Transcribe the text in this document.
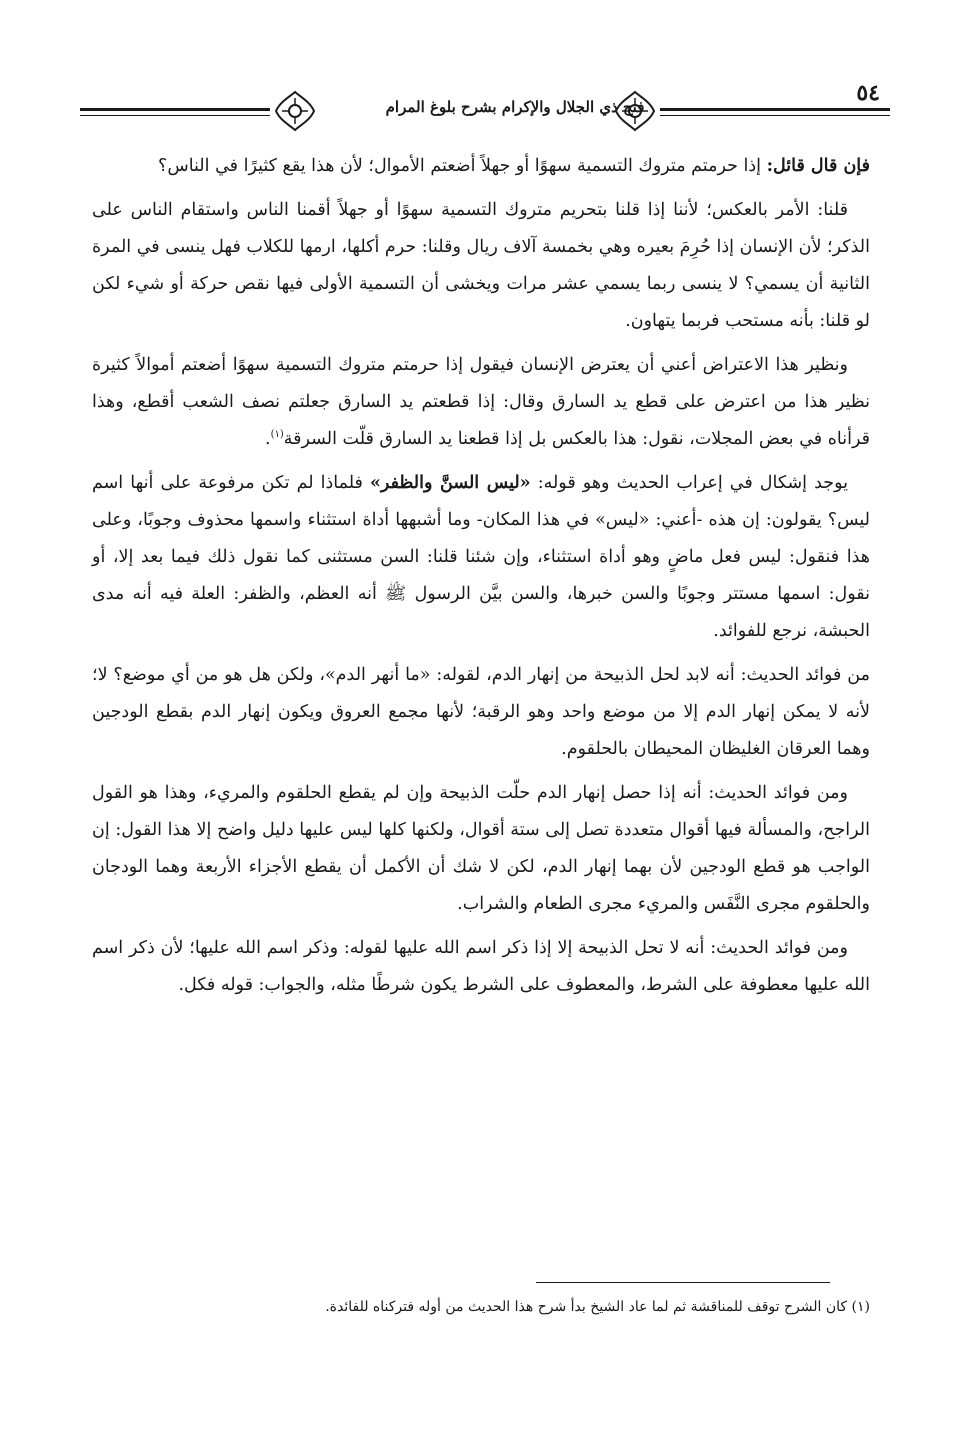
فتح ذي الجلال والإكرام بشرح بلوغ المرام
٥٤

فإن قال قائل: إذا حرمتم متروك التسمية سهوًا أو جهلاً أضعتم الأموال؛ لأن هذا يقع كثيرًا في الناس؟

قلنا: الأمر بالعكس؛ لأننا إذا قلنا بتحريم متروك التسمية سهوًا أو جهلاً أقمنا الناس واستقام الناس على الذكر؛ لأن الإنسان إذا حُرِمَ بعيره وهي بخمسة آلاف ريال وقلنا: حرم أكلها، ارمها للكلاب فهل ينسى في المرة الثانية أن يسمي؟ لا ينسى ربما يسمي عشر مرات ويخشى أن التسمية الأولى فيها نقص حركة أو شيء لكن لو قلنا: بأنه مستحب فربما يتهاون.

ونظير هذا الاعتراض أعني أن يعترض الإنسان فيقول إذا حرمتم متروك التسمية سهوًا أضعتم أموالاً كثيرة نظير هذا من اعترض على قطع يد السارق وقال: إذا قطعتم يد السارق جعلتم نصف الشعب أقطع، وهذا قرأناه في بعض المجلات، نقول: هذا بالعكس بل إذا قطعنا يد السارق قلّت السرقة$^{(١)}$.

يوجد إشكال في إعراب الحديث وهو قوله: «ليس السنَّ والظفر» فلماذا لم تكن مرفوعة على أنها اسم ليس؟ يقولون: إن هذه -أعني: «ليس» في هذا المكان- وما أشبهها أداة استثناء واسمها محذوف وجوبًا، وعلى هذا فنقول: ليس فعل ماضٍ وهو أداة استثناء، وإن شئنا قلنا: السن مستثنى كما نقول ذلك فيما بعد إلا، أو نقول: اسمها مستتر وجوبًا والسن خبرها، والسن بيَّن الرسول ﷺ أنه العظم، والظفر: العلة فيه أنه مدى الحبشة، نرجع للفوائد.

من فوائد الحديث: أنه لابد لحل الذبيحة من إنهار الدم، لقوله: «ما أنهر الدم»، ولكن هل هو من أي موضع؟ لا؛ لأنه لا يمكن إنهار الدم إلا من موضع واحد وهو الرقبة؛ لأنها مجمع العروق ويكون إنهار الدم بقطع الودجين وهما العرقان الغليظان المحيطان بالحلقوم.

ومن فوائد الحديث: أنه إذا حصل إنهار الدم حلّت الذبيحة وإن لم يقطع الحلقوم والمريء، وهذا هو القول الراجح، والمسألة فيها أقوال متعددة تصل إلى ستة أقوال، ولكنها كلها ليس عليها دليل واضح إلا هذا القول: إن الواجب هو قطع الودجين لأن بهما إنهار الدم، لكن لا شك أن الأكمل أن يقطع الأجزاء الأربعة وهما الودجان والحلقوم مجرى النَّفَس والمريء مجرى الطعام والشراب.

ومن فوائد الحديث: أنه لا تحل الذبيحة إلا إذا ذكر اسم الله عليها لقوله: وذكر اسم الله عليها؛ لأن ذكر اسم الله عليها معطوفة على الشرط، والمعطوف على الشرط يكون شرطًا مثله، والجواب: قوله فكل.

(١) كان الشرح توقف للمناقشة ثم لما عاد الشيخ بدأ شرح هذا الحديث من أوله فتركناه للفائدة.
